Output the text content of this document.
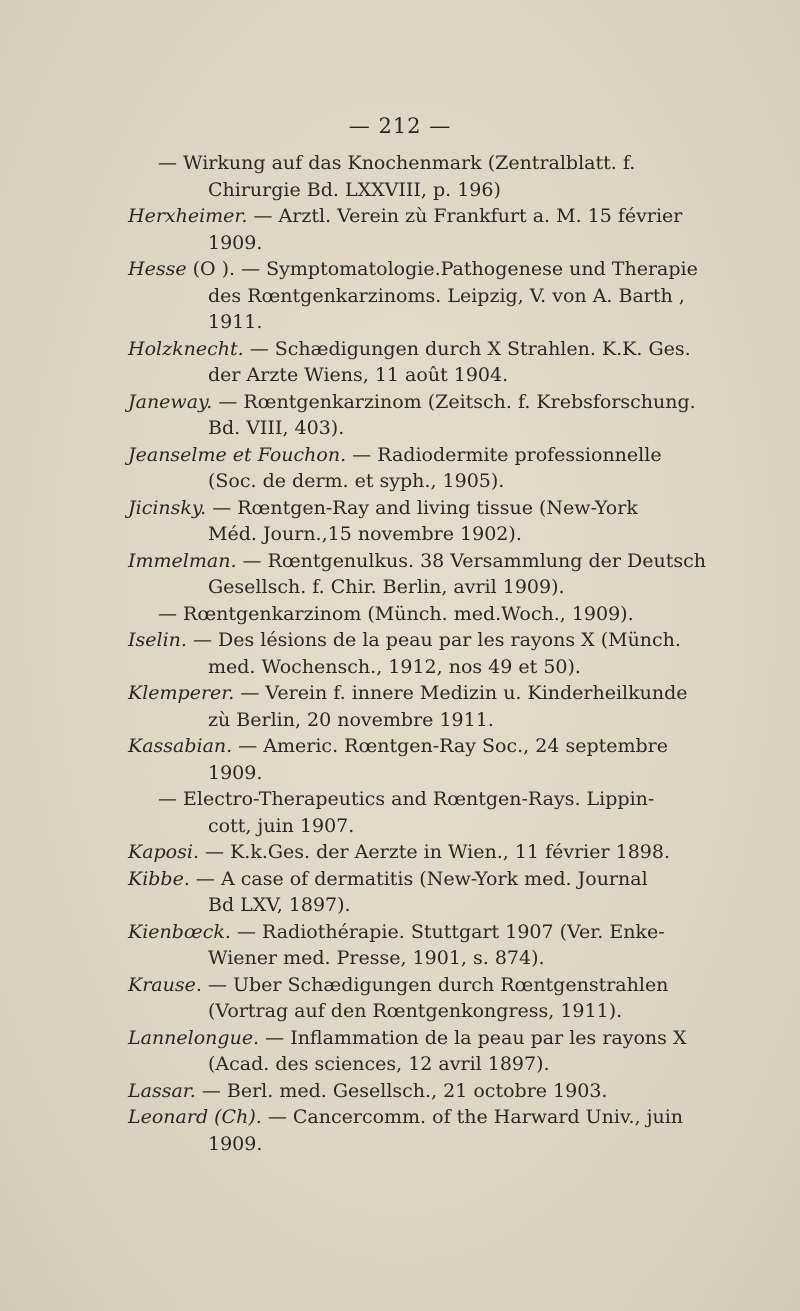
— 212 —

— Wirkung auf das Knochenmark (Zentralblatt. f.
Chirurgie Bd. LXXVIII, p. 196)

Herxheimer. — Arztl. Verein zù Frankfurt a. M. 15 février
1909.

Hesse (O ). — Symptomatologie.Pathogenese und Therapie
des Rœntgenkarzinoms. Leipzig, V. von A. Barth ,
1911.

Holzknecht. — Schædigungen durch X Strahlen. K.K. Ges.
der Arzte Wiens, 11 août 1904.

Janeway. — Rœntgenkarzinom (Zeitsch. f. Krebsforschung.
Bd. VIII, 403).

Jeanselme et Fouchon. — Radiodermite professionnelle
(Soc. de derm. et syph., 1905).

Jicinsky. — Rœntgen-Ray and living tissue (New-York
Méd. Journ.,15 novembre 1902).

Immelman. — Rœntgenulkus. 38 Versammlung der Deutsch
Gesellsch. f. Chir. Berlin, avril 1909).

— Rœntgenkarzinom (Münch. med.Woch., 1909).

Iselin. — Des lésions de la peau par les rayons X (Münch.
med. Wochensch., 1912, nos 49 et 50).

Klemperer. — Verein f. innere Medizin u. Kinderheilkunde
zù Berlin, 20 novembre 1911.

Kassabian. — Americ. Rœntgen-Ray Soc., 24 septembre
1909.

— Electro-Therapeutics and Rœntgen-Rays. Lippin-
cott, juin 1907.

Kaposi. — K.k.Ges. der Aerzte in Wien., 11 février 1898.

Kibbe. — A case of dermatitis (New-York med. Journal
Bd LXV, 1897).

Kienbœck. — Radiothérapie. Stuttgart 1907 (Ver. Enke-
Wiener med. Presse, 1901, s. 874).

Krause. — Uber Schædigungen durch Rœntgenstrahlen
(Vortrag auf den Rœntgenkongress, 1911).

Lannelongue. — Inflammation de la peau par les rayons X
(Acad. des sciences, 12 avril 1897).

Lassar. — Berl. med. Gesellsch., 21 octobre 1903.

Leonard (Ch). — Cancercomm. of the Harward Univ., juin
1909.
